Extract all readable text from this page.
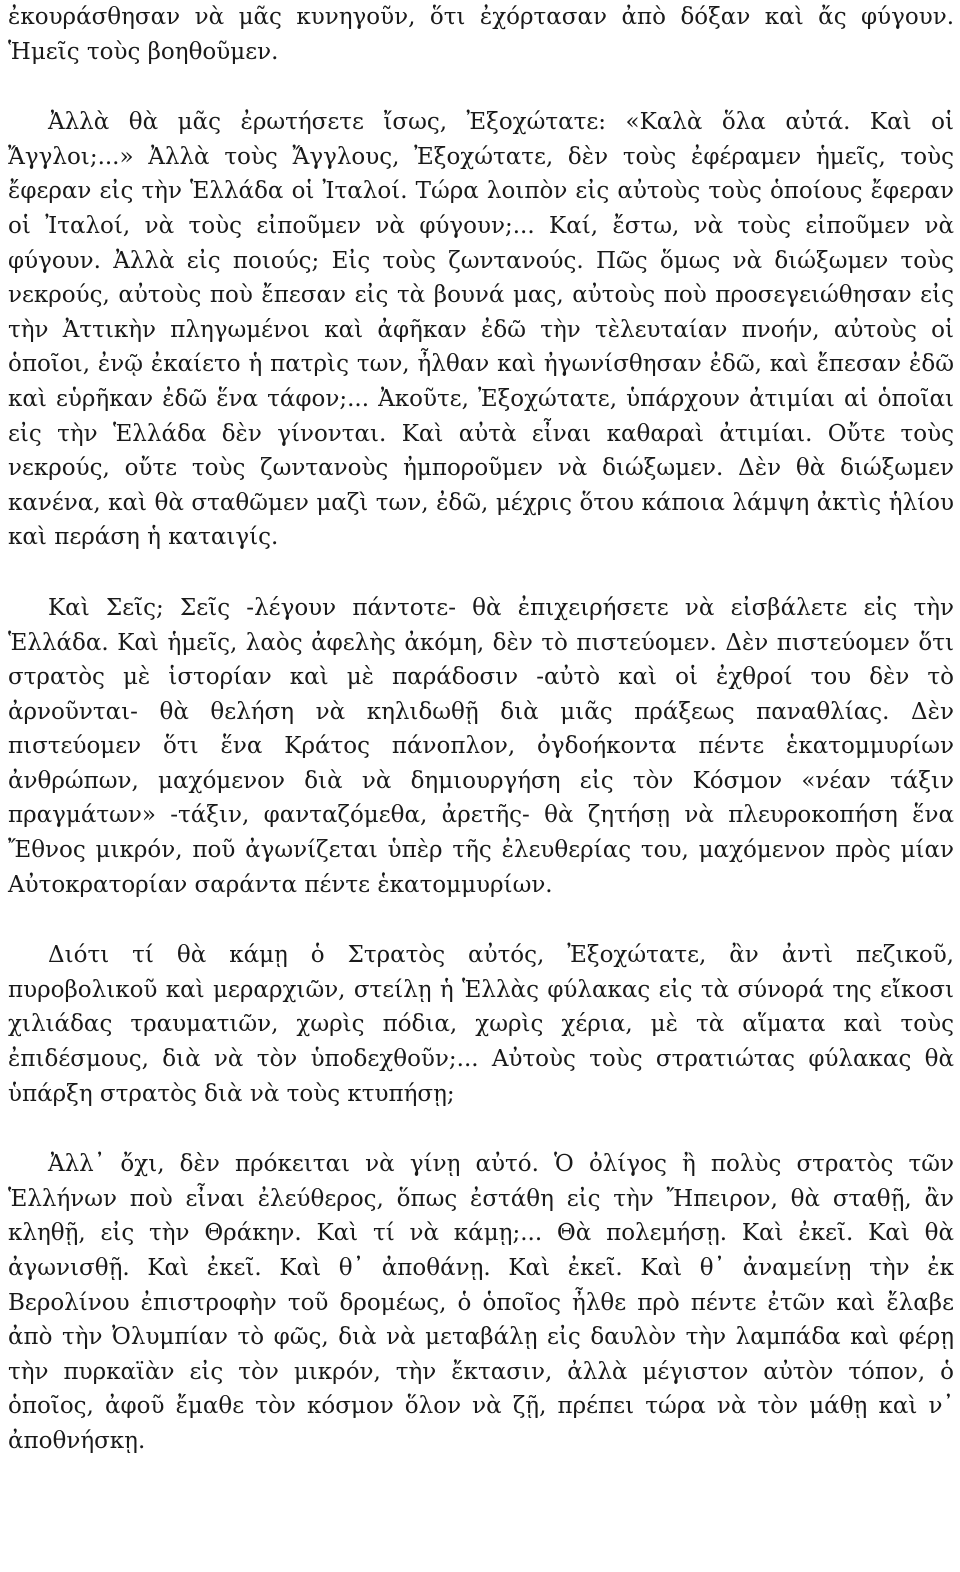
ἐκουράσθησαν νὰ μᾶς κυνηγοῦν, ὅτι ἐχόρτασαν ἀπὸ δόξαν καὶ ἄς φύγουν. Ἡμεῖς τοὺς βοηθοῦμεν.

Ἀλλὰ θὰ μᾶς ἐρωτήσετε ἴσως, Ἐξοχώτατε: «Καλὰ ὅλα αὐτά. Καὶ οἱ Ἄγγλοι;...» Ἀλλὰ τοὺς Ἄγγλους, Ἐξοχώτατε, δὲν τοὺς ἐφέραμεν ἡμεῖς, τοὺς ἔφεραν εἰς τὴν Ἑλλάδα οἱ Ἰταλοί. Τώρα λοιπὸν εἰς αὐτοὺς τοὺς ὁποίους ἔφεραν οἱ Ἰταλοί, νὰ τοὺς εἰποῦμεν νὰ φύγουν;... Καί, ἔστω, νὰ τοὺς εἰποῦμεν νὰ φύγουν. Ἀλλὰ εἰς ποιούς; Εἰς τοὺς ζωντανούς. Πῶς ὅμως νὰ διώξωμεν τοὺς νεκρούς, αὐτοὺς ποὺ ἔπεσαν εἰς τὰ βουνά μας, αὐτοὺς ποὺ προσεγειώθησαν εἰς τὴν Ἀττικὴν πληγωμένοι καὶ ἀφῆκαν ἐδῶ τὴν τὲλευταίαν πνοήν, αὐτοὺς οἱ ὁποῖοι, ἐνῷ ἐκαίετο ἡ πατρὶς των, ἦλθαν καὶ ἠγωνίσθησαν ἐδῶ, καὶ ἔπεσαν ἐδῶ καὶ εὑρῆκαν ἐδῶ ἕνα τάφον;... Ἀκοῦτε, Ἐξοχώτατε, ὑπάρχουν ἀτιμίαι αἱ ὁποῖαι εἰς τὴν Ἑλλάδα δὲν γίνονται. Καὶ αὐτὰ εἶναι καθαραὶ ἀτιμίαι. Οὔτε τοὺς νεκρούς, οὔτε τοὺς ζωντανοὺς ἠμποροῦμεν νὰ διώξωμεν. Δὲν θὰ διώξωμεν κανένα, καὶ θὰ σταθῶμεν μαζὶ των, ἐδῶ, μέχρις ὅτου κάποια λάμψη ἀκτὶς ἡλίου καὶ περάση ἡ καταιγίς.

Καὶ Σεῖς; Σεῖς -λέγουν πάντοτε- θὰ ἐπιχειρήσετε νὰ εἰσβάλετε εἰς τὴν Ἑλλάδα. Καὶ ἡμεῖς, λαὸς ἀφελὴς ἀκόμη, δὲν τὸ πιστεύομεν. Δὲν πιστεύομεν ὅτι στρατὸς μὲ ἱστορίαν καὶ μὲ παράδοσιν -αὐτὸ καὶ οἱ ἐχθροί του δὲν τὸ ἀρνοῦνται- θὰ θελήση νὰ κηλιδωθῇ διὰ μιᾶς πράξεως παναθλίας. Δὲν πιστεύομεν ὅτι ἕνα Κράτος πάνοπλον, ὀγδοήκοντα πέντε ἑκατομμυρίων ἀνθρώπων, μαχόμενον διὰ νὰ δημιουργήση εἰς τὸν Κόσμον «νέαν τάξιν πραγμάτων» -τάξιν, φανταζόμεθα, ἀρετῆς- θὰ ζητήσῃ νὰ πλευροκοπήση ἕνα Ἔθνος μικρόν, ποῦ ἀγωνίζεται ὑπὲρ τῆς ἐλευθερίας του, μαχόμενον πρὸς μίαν Αὐτοκρατορίαν σαράντα πέντε ἑκατομμυρίων.

Διότι τί θὰ κάμῃ ὁ Στρατὸς αὐτός, Ἐξοχώτατε, ἂν ἀντὶ πεζικοῦ, πυροβολικοῦ καὶ μεραρχιῶν, στείλῃ ἡ Ἑλλὰς φύλακας εἰς τὰ σύνορά της εἴκοσι χιλιάδας τραυματιῶν, χωρὶς πόδια, χωρὶς χέρια, μὲ τὰ αἵματα καὶ τοὺς ἐπιδέσμους, διὰ νὰ τὸν ὑποδεχθοῦν;... Αὐτοὺς τοὺς στρατιώτας φύλακας θὰ ὑπάρξη στρατὸς διὰ νὰ τοὺς κτυπήσῃ;

Ἀλλ᾽ ὄχι, δὲν πρόκειται νὰ γίνῃ αὐτό. Ὁ ὀλίγος ἢ πολὺς στρατὸς τῶν Ἑλλήνων ποὺ εἶναι ἐλεύθερος, ὅπως ἐστάθη εἰς τὴν Ἤπειρον, θὰ σταθῇ, ἂν κληθῇ, εἰς τὴν Θράκην. Καὶ τί νὰ κάμῃ;... Θὰ πολεμήσῃ. Καὶ ἐκεῖ. Καὶ θὰ ἀγωνισθῇ. Καὶ ἐκεῖ. Καὶ θ᾽ ἀποθάνῃ. Καὶ ἐκεῖ. Καὶ θ᾽ ἀναμείνῃ τὴν ἐκ Βερολίνου ἐπιστροφὴν τοῦ δρομέως, ὁ ὁποῖος ἦλθε πρὸ πέντε ἐτῶν καὶ ἔλαβε ἀπὸ τὴν Ὀλυμπίαν τὸ φῶς, διὰ νὰ μεταβάλῃ εἰς δαυλὸν τὴν λαμπάδα καὶ φέρῃ τὴν πυρκαϊὰν εἰς τὸν μικρόν, τὴν ἔκτασιν, ἀλλὰ μέγιστον αὐτὸν τόπον, ὁ ὁποῖος, ἀφοῦ ἔμαθε τὸν κόσμον ὅλον νὰ ζῇ, πρέπει τώρα νὰ τὸν μάθῃ καὶ ν᾽ ἀποθνήσκῃ.
